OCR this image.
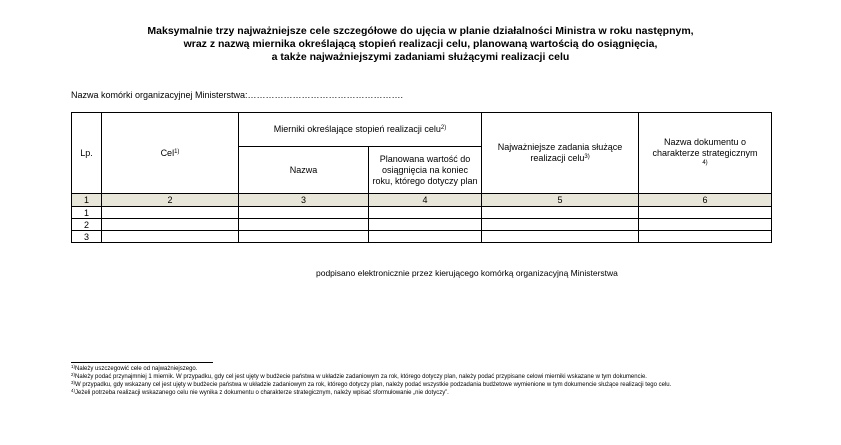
Maksymalnie trzy najważniejsze cele szczegółowe do ujęcia w planie działalności Ministra w roku następnym,
wraz z nazwą miernika określającą stopień realizacji celu, planowaną wartością do osiągnięcia,
a także najważniejszymi zadaniami służącymi realizacji celu
Nazwa komórki organizacyjnej Ministerstwa:…………………………………………….
Lp.	Cel$^{1)}$	Mierniki określające stopień realizacji celu$^{2)}$		Najważniejsze zadania służące realizacji celu$^{3)}$	Nazwa dokumentu o charakterze strategicznym
$^{4)}$
		Nazwa	Planowana wartość do osiągnięcia na koniec roku, którego dotyczy plan		
1	2	3	4	5	6
1					
2					
3					
podpisano elektronicznie przez kierującego komórką organizacyjną Ministerstwa

$^{1)}$Należy uszczegowić cele od najważniejszego.

$^{2)}$Należy podać przynajmniej 1 miernik. W przypadku, gdy cel jest ujęty w budżecie państwa w układzie zadaniowym za rok, którego dotyczy plan, należy podać przypisane celowi mierniki wskazane w tym dokumencie.

$^{3)}$W przypadku, gdy wskazany cel jest ujęty w budżecie państwa w układzie zadaniowym za rok, którego dotyczy plan, należy podać wszystkie podzadania budżetowe wymienione w tym dokumencie służące realizacji tego celu.

$^{4)}$Jeżeli potrzeba realizacji wskazanego celu nie wynika z dokumentu o charakterze strategicznym, należy wpisać sformułowanie „nie dotyczy”.
